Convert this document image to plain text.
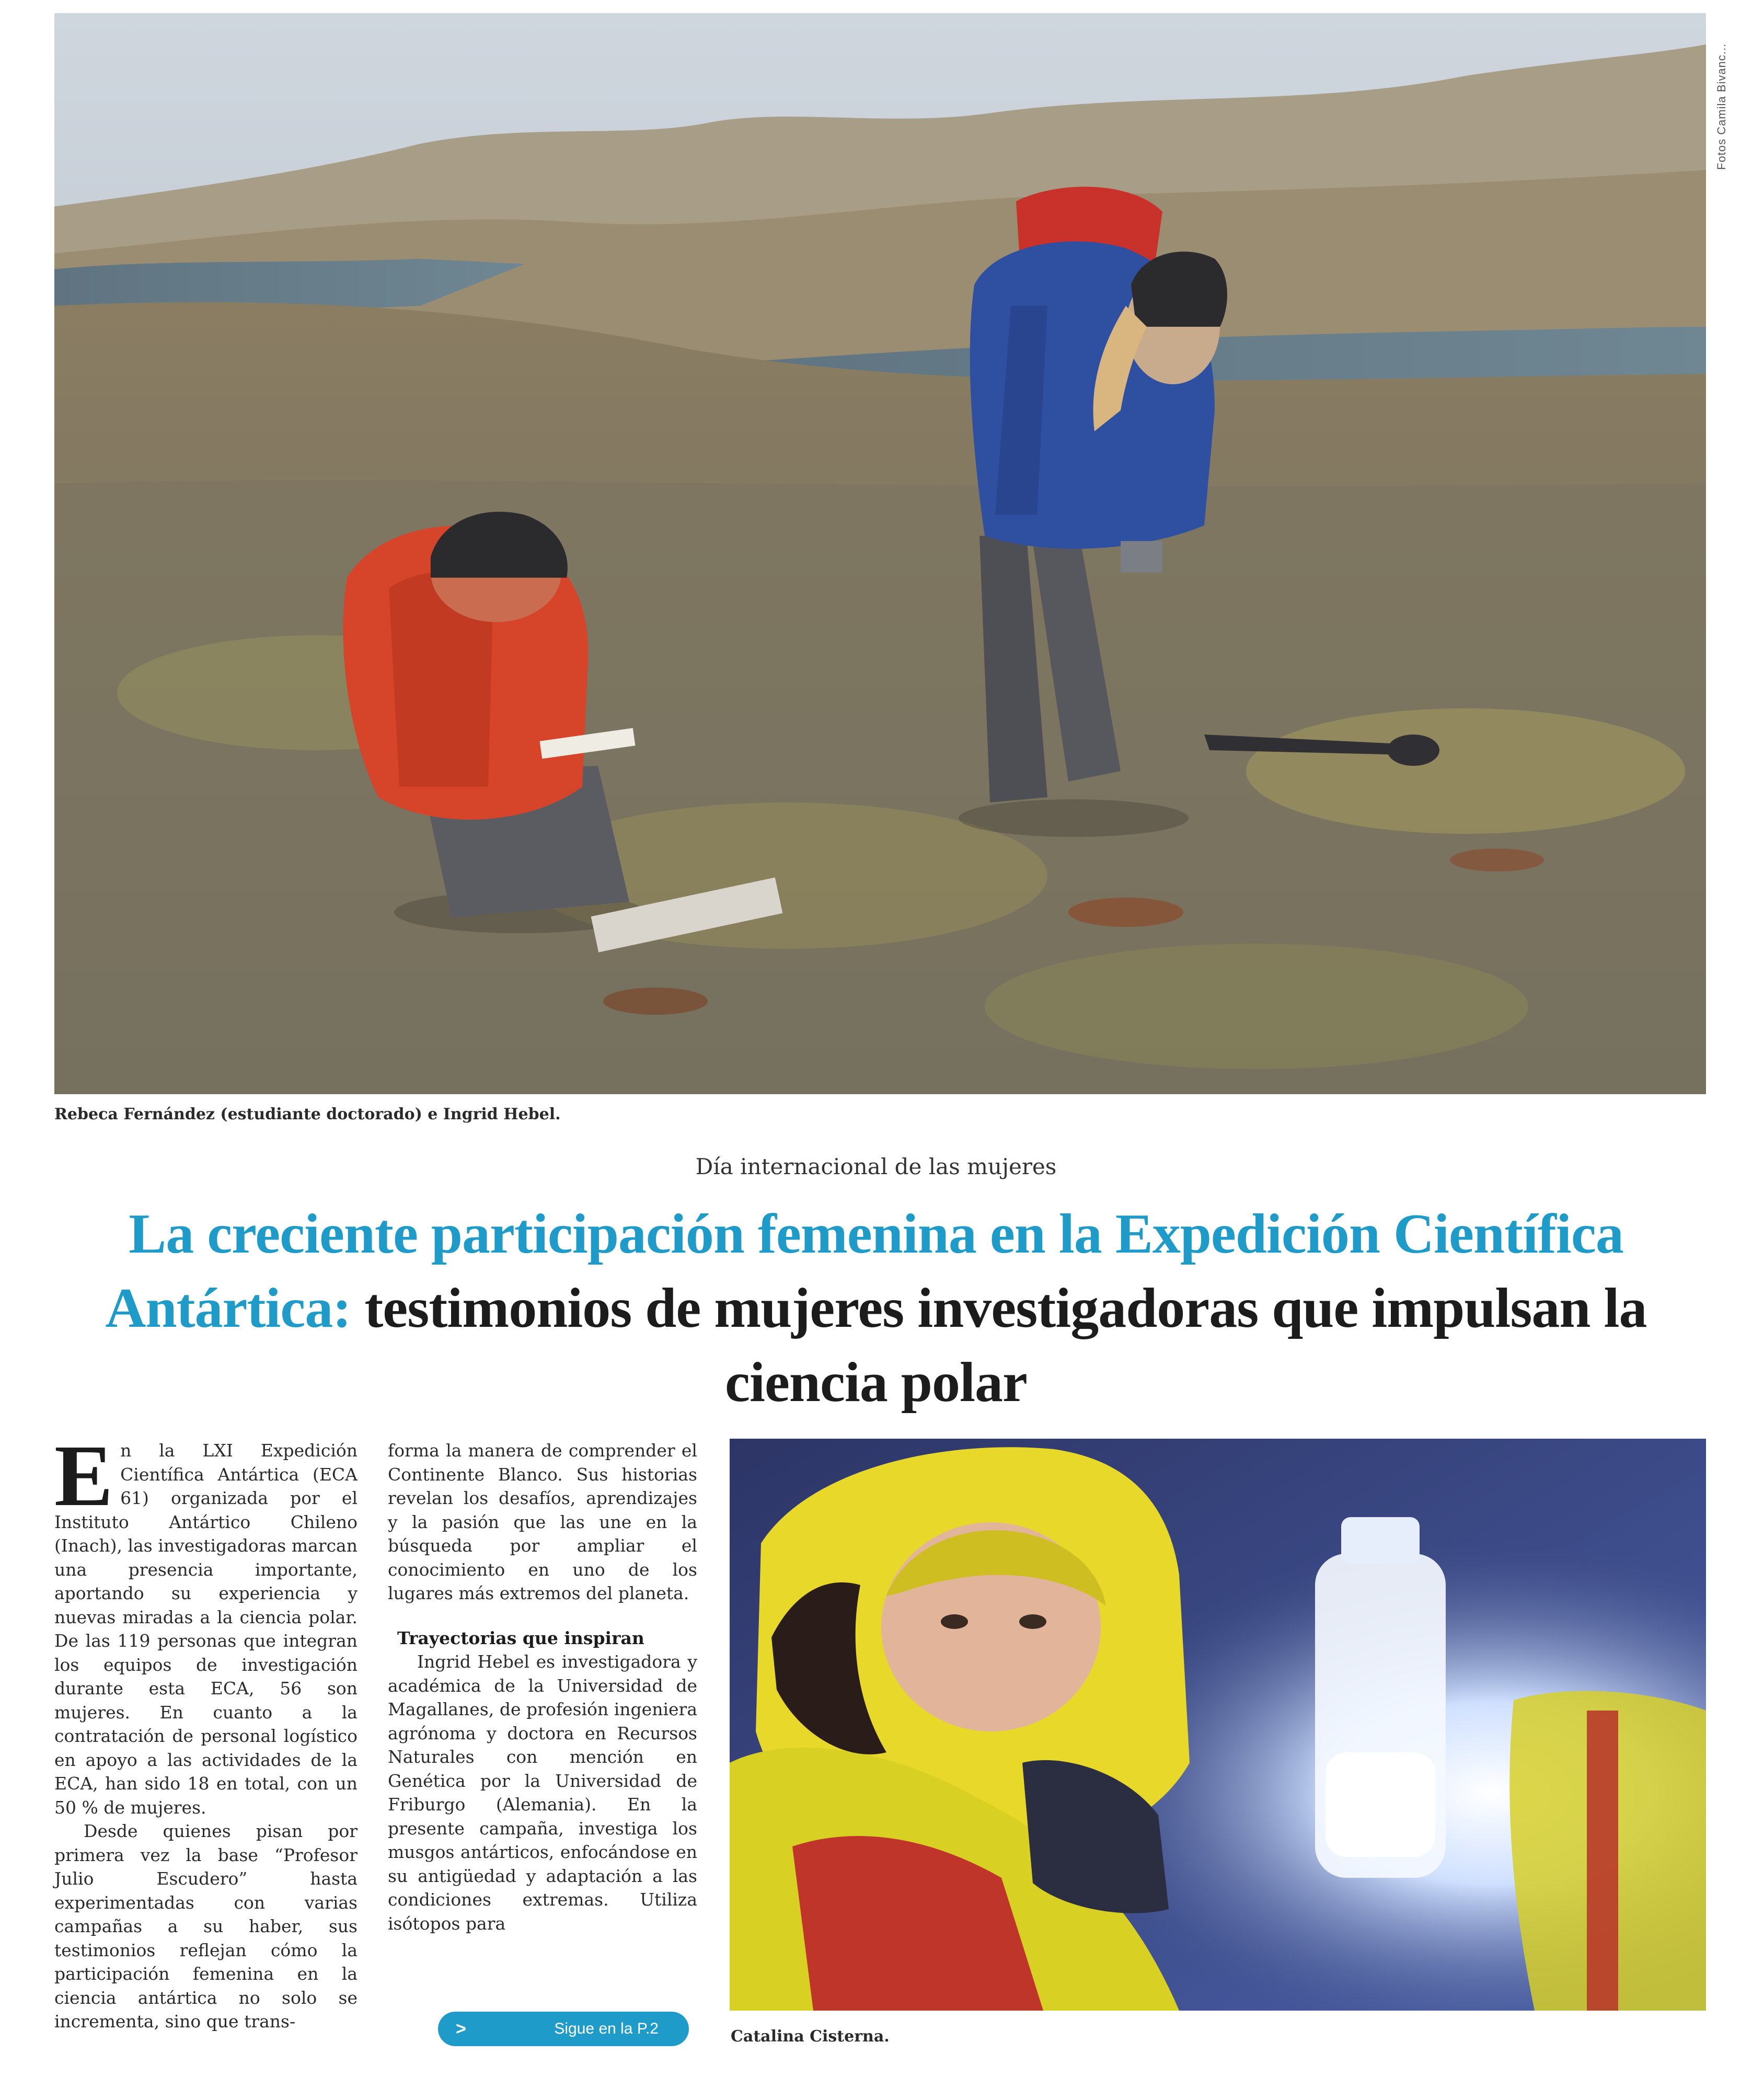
Fotos Camila Bivanc...
Rebeca Fernández (estudiante doctorado) e Ingrid Hebel.
Día internacional de las mujeres
La creciente participación femenina en la Expedición Científica Antártica: testimonios de mujeres investigadoras que impulsan la ciencia polar

En la LXI Expedición Científica Antártica (ECA 61) organizada por el Instituto Antártico Chileno (Inach), las investigadoras marcan una presencia importante, aportando su experiencia y nuevas miradas a la ciencia polar. De las 119 personas que integran los equipos de investigación durante esta ECA, 56 son mujeres. En cuanto a la contratación de personal logístico en apoyo a las actividades de la ECA, han sido 18 en total, con un 50 % de mujeres.

Desde quienes pisan por primera vez la base “Profesor Julio Escudero” hasta experimentadas con varias campañas a su haber, sus testimonios reflejan cómo la participación femenina en la ciencia antártica no solo se incrementa, sino que trans-

forma la manera de comprender el Continente Blanco. Sus historias revelan los desafíos, aprendizajes y la pasión que las une en la búsqueda por ampliar el conocimiento en uno de los lugares más extremos del planeta.

Trayectorias que inspiran

Ingrid Hebel es investigadora y académica de la Universidad de Magallanes, de profesión ingeniera agrónoma y doctora en Recursos Naturales con mención en Genética por la Universidad de Friburgo (Alemania). En la presente campaña, investiga los musgos antárticos, enfocándose en su antigüedad y adaptación a las condiciones extremas. Utiliza isótopos para

>	Sigue en la P.2	Catalina Cisterna.
